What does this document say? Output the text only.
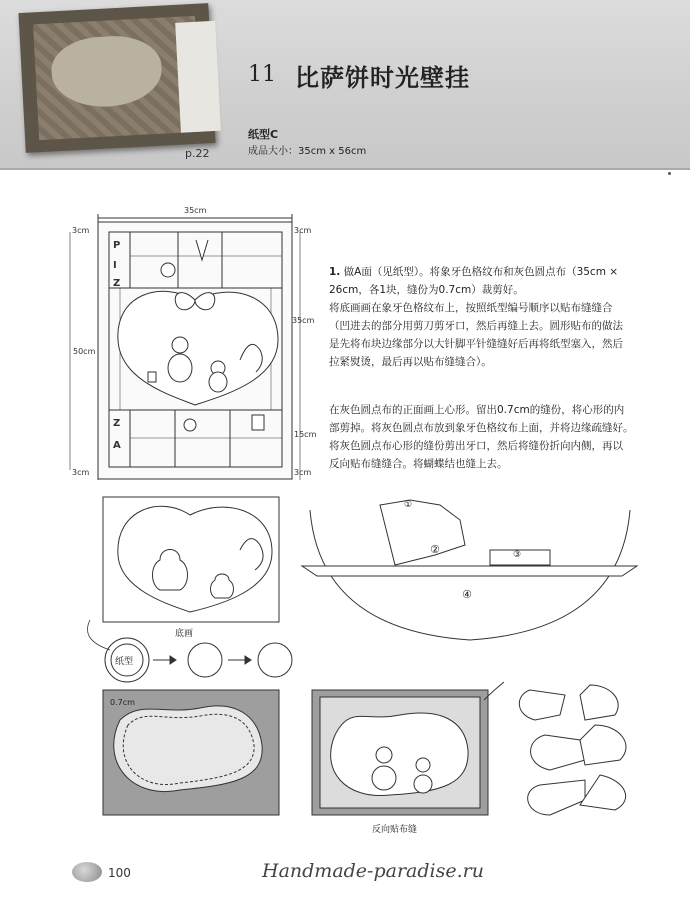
p.22
11 比萨饼时光壁挂
纸型C
成品大小：35cm x 56cm
35cm
50cm
3cm
3cm
3cm
35cm
15cm
3cm
P
I
Z
Z
A
1. 做A面（见纸型）。将象牙色格纹布和灰色圆点布（35cm ×
26cm，各1块，缝份为0.7cm）裁剪好。
将底画画在象牙色格纹布上，按照纸型编号顺序以贴布缝缝合
（凹进去的部分用剪刀剪牙口，然后再缝上去。圆形贴布的做法
是先将布块边缘部分以大针脚平针缝缝好后再将纸型塞入，然后
拉紧熨烫，最后再以贴布缝缝合）。
在灰色圆点布的正面画上心形。留出0.7cm的缝份，将心形的内
部剪掉。将灰色圆点布放到象牙色格纹布上面，并将边缘疏缝好。
将灰色圆点布心形的缝份剪出牙口，然后将缝份折向内侧，再以
反向贴布缝缝合。将蝴蝶结也缝上去。
①
②	③
④
底画
纸型
0.7cm
反向贴布缝
100	Handmade-paradise.ru
